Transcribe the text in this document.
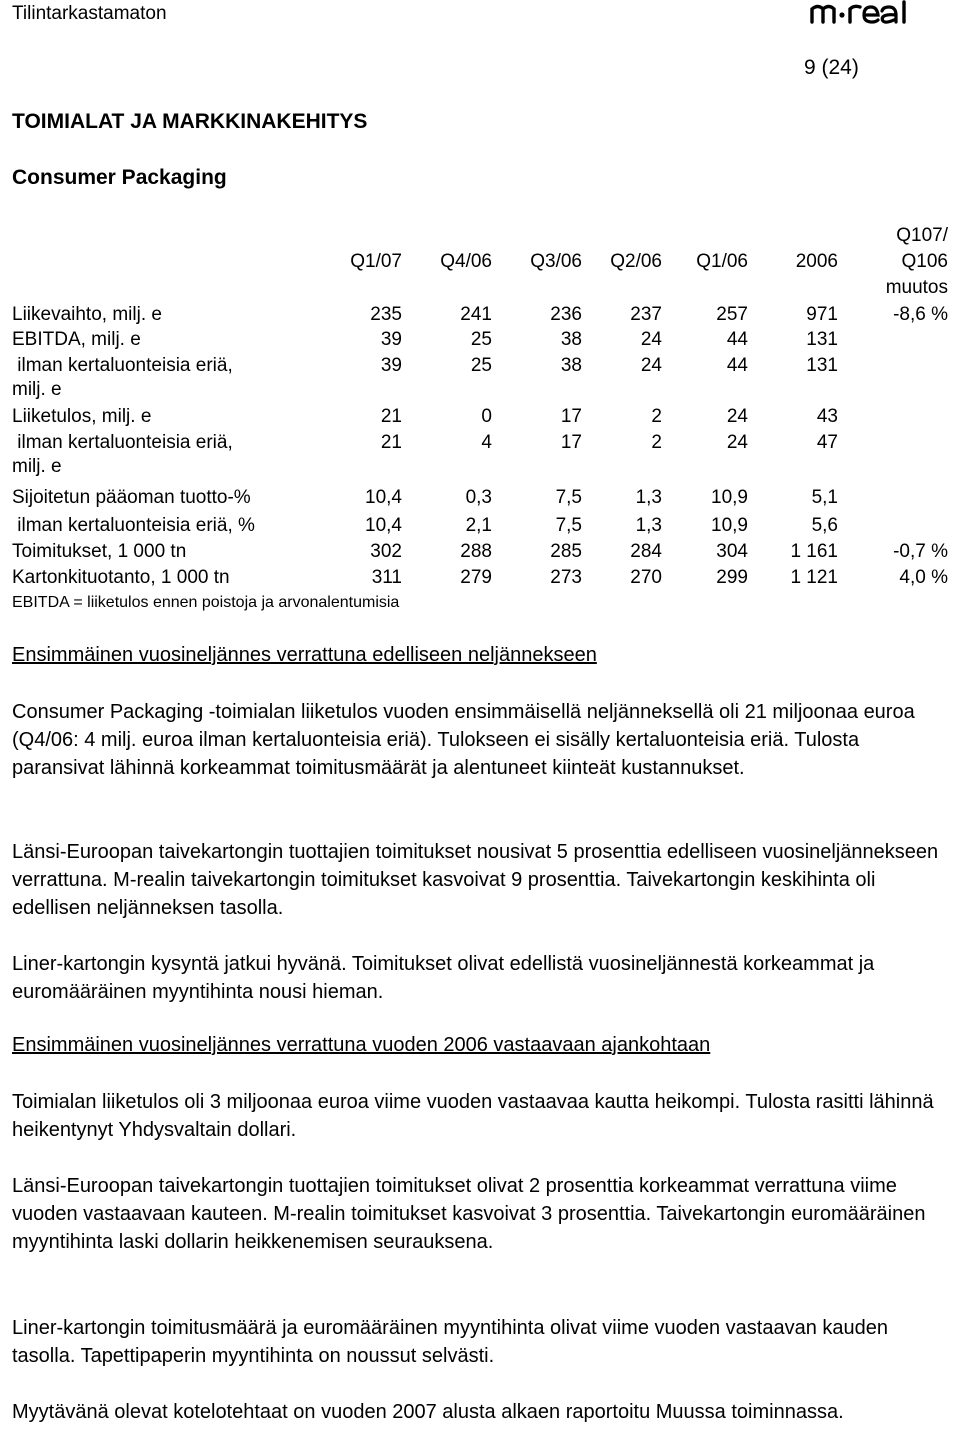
Tilintarkastamaton
9 (24)
TOIMIALAT JA MARKKINAKEHITYS
Consumer Packaging
Q1/07	Q4/06	Q3/06	Q2/06	Q1/06	2006
Q107/
Q106
muutos
Liikevaihto, milj. e	235	241	236	237	257	971	-8,6 %
EBITDA, milj. e	39	25	38	24	44	131
ilman kertaluonteisia eriä,
milj. e
39	25	38	24	44	131
Liiketulos, milj. e	21	0	17	2	24	43
ilman kertaluonteisia eriä,
milj. e
21	4	17	2	24	47
Sijoitetun pääoman tuotto-%	10,4	0,3	7,5	1,3	10,9	5,1
ilman kertaluonteisia eriä, %	10,4	2,1	7,5	1,3	10,9	5,6
Toimitukset, 1 000 tn	302	288	285	284	304	1 161	-0,7 %
Kartonkituotanto, 1 000 tn	311	279	273	270	299	1 121	4,0 %
EBITDA = liiketulos ennen poistoja ja arvonalentumisia
Ensimmäinen vuosineljännes verrattuna edelliseen neljännekseen
Consumer Packaging -toimialan liiketulos vuoden ensimmäisellä neljänneksellä oli 21 miljoonaa euroa (Q4/06: 4 milj. euroa ilman kertaluonteisia eriä). Tulokseen ei sisälly kertaluonteisia eriä. Tulosta paransivat lähinnä korkeammat toimitusmäärät ja alentuneet kiinteät kustannukset.
Länsi-Euroopan taivekartongin tuottajien toimitukset nousivat 5 prosenttia edelliseen vuosineljännekseen verrattuna. M-realin taivekartongin toimitukset kasvoivat 9 prosenttia. Taivekartongin keskihinta oli edellisen neljänneksen tasolla.
Liner-kartongin kysyntä jatkui hyvänä. Toimitukset olivat edellistä vuosineljännestä korkeammat ja euromääräinen myyntihinta nousi hieman.
Ensimmäinen vuosineljännes verrattuna vuoden 2006 vastaavaan ajankohtaan
Toimialan liiketulos oli 3 miljoonaa euroa viime vuoden vastaavaa kautta heikompi. Tulosta rasitti lähinnä heikentynyt Yhdysvaltain dollari.
Länsi-Euroopan taivekartongin tuottajien toimitukset olivat 2 prosenttia korkeammat verrattuna viime vuoden vastaavaan kauteen. M-realin toimitukset kasvoivat 3 prosenttia. Taivekartongin euromääräinen myyntihinta laski dollarin heikkenemisen seurauksena.
Liner-kartongin toimitusmäärä ja euromääräinen myyntihinta olivat viime vuoden vastaavan kauden tasolla. Tapettipaperin myyntihinta on noussut selvästi.
Myytävänä olevat kotelotehtaat on vuoden 2007 alusta alkaen raportoitu Muussa toiminnassa.
